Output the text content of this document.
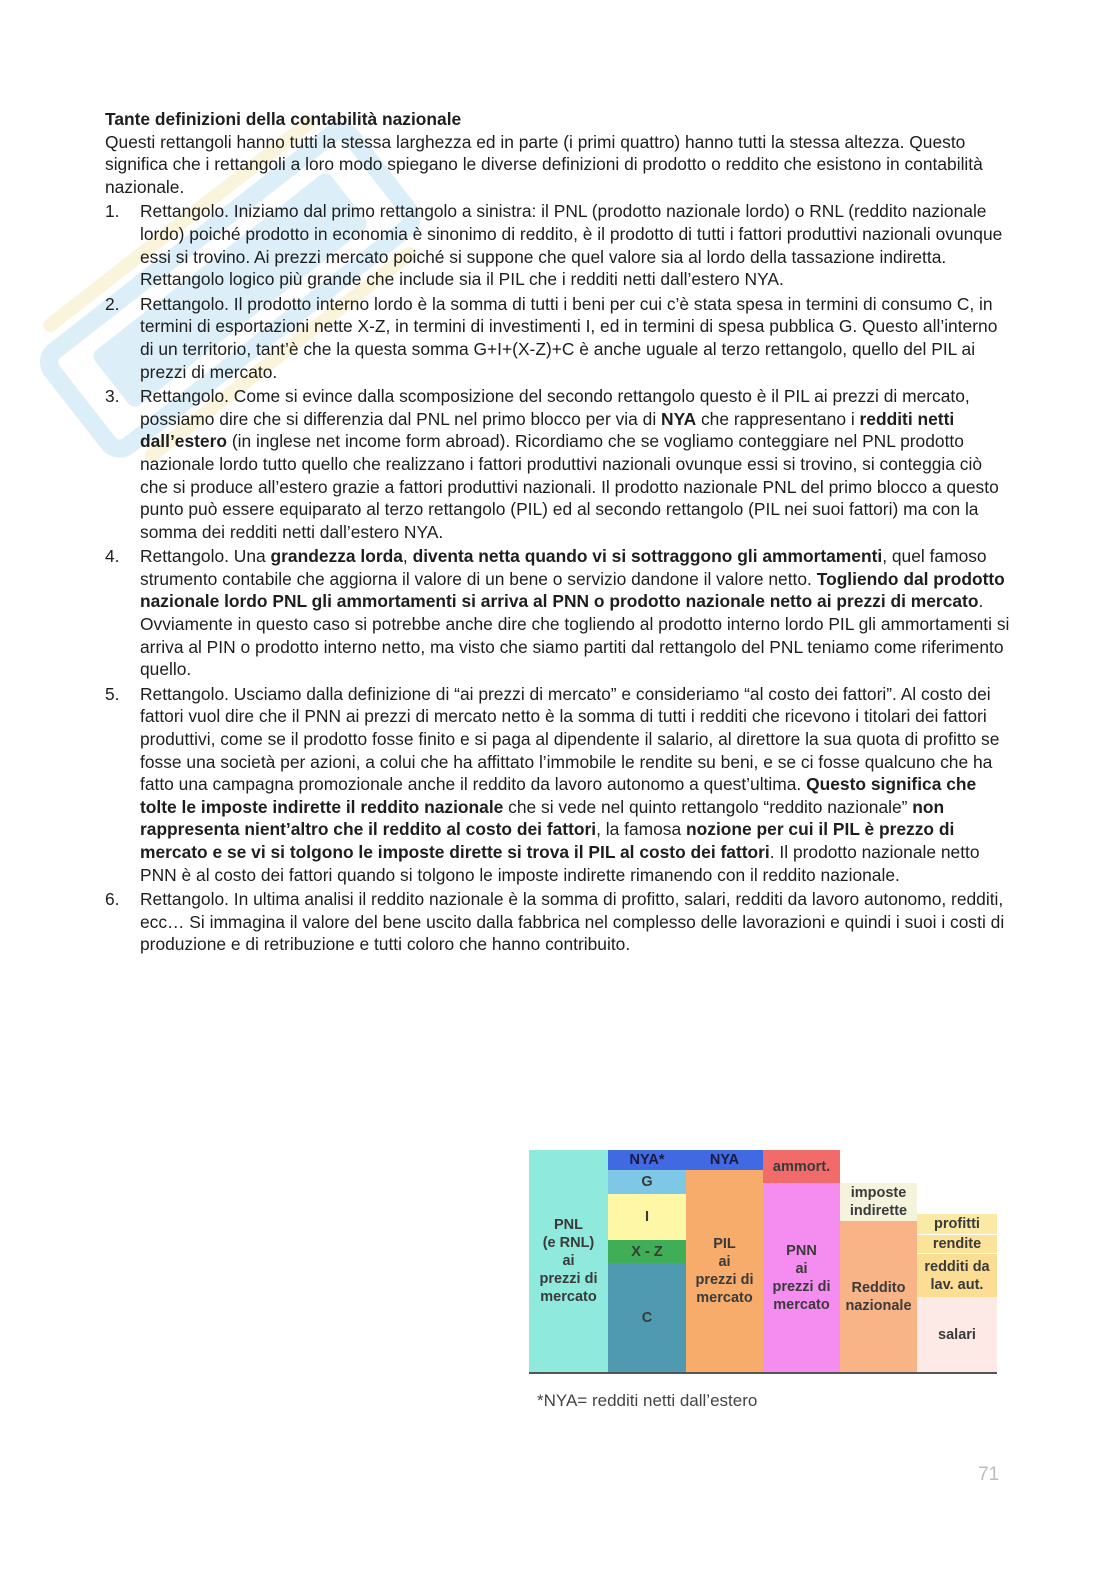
Tante definizioni della contabilità nazionale

Questi rettangoli hanno tutti la stessa larghezza ed in parte (i primi quattro) hanno tutti la stessa altezza. Questo significa che i rettangoli a loro modo spiegano le diverse definizioni di prodotto o reddito che esistono in contabilità nazionale.

1. Rettangolo. Iniziamo dal primo rettangolo a sinistra: il PNL (prodotto nazionale lordo) o RNL (reddito nazionale lordo) poiché prodotto in economia è sinonimo di reddito, è il prodotto di tutti i fattori produttivi nazionali ovunque essi si trovino. Ai prezzi mercato poiché si suppone che quel valore sia al lordo della tassazione indiretta. Rettangolo logico più grande che include sia il PIL che i redditi netti dall’estero NYA.
2. Rettangolo. Il prodotto interno lordo è la somma di tutti i beni per cui c’è stata spesa in termini di consumo C, in termini di esportazioni nette X-Z, in termini di investimenti I, ed in termini di spesa pubblica G. Questo all’interno di un territorio, tant’è che la questa somma G+I+(X-Z)+C è anche uguale al terzo rettangolo, quello del PIL ai prezzi di mercato.
3. Rettangolo. Come si evince dalla scomposizione del secondo rettangolo questo è il PIL ai prezzi di mercato, possiamo dire che si differenzia dal PNL nel primo blocco per via di NYA che rappresentano i redditi netti dall’estero (in inglese net income form abroad). Ricordiamo che se vogliamo conteggiare nel PNL prodotto nazionale lordo tutto quello che realizzano i fattori produttivi nazionali ovunque essi si trovino, si conteggia ciò che si produce all’estero grazie a fattori produttivi nazionali. Il prodotto nazionale PNL del primo blocco a questo punto può essere equiparato al terzo rettangolo (PIL) ed al secondo rettangolo (PIL nei suoi fattori) ma con la somma dei redditi netti dall’estero NYA.
4. Rettangolo. Una grandezza lorda, diventa netta quando vi si sottraggono gli ammortamenti, quel famoso strumento contabile che aggiorna il valore di un bene o servizio dandone il valore netto. Togliendo dal prodotto nazionale lordo PNL gli ammortamenti si arriva al PNN o prodotto nazionale netto ai prezzi di mercato. Ovviamente in questo caso si potrebbe anche dire che togliendo al prodotto interno lordo PIL gli ammortamenti si arriva al PIN o prodotto interno netto, ma visto che siamo partiti dal rettangolo del PNL teniamo come riferimento quello.
5. Rettangolo. Usciamo dalla definizione di “ai prezzi di mercato” e consideriamo “al costo dei fattori”. Al costo dei fattori vuol dire che il PNN ai prezzi di mercato netto è la somma di tutti i redditi che ricevono i titolari dei fattori produttivi, come se il prodotto fosse finito e si paga al dipendente il salario, al direttore la sua quota di profitto se fosse una società per azioni, a colui che ha affittato l’immobile le rendite su beni, e se ci fosse qualcuno che ha fatto una campagna promozionale anche il reddito da lavoro autonomo a quest’ultima. Questo significa che tolte le imposte indirette il reddito nazionale che si vede nel quinto rettangolo “reddito nazionale” non rappresenta nient’altro che il reddito al costo dei fattori, la famosa nozione per cui il PIL è prezzo di mercato e se vi si tolgono le imposte dirette si trova il PIL al costo dei fattori. Il prodotto nazionale netto PNN è al costo dei fattori quando si tolgono le imposte indirette rimanendo con il reddito nazionale.
6. Rettangolo. In ultima analisi il reddito nazionale è la somma di profitto, salari, redditi da lavoro autonomo, redditi, ecc… Si immagina il valore del bene uscito dalla fabbrica nel complesso delle lavorazioni e quindi i suoi i costi di produzione e di retribuzione e tutti coloro che hanno contribuito.
PNL
(e RNL)
ai
prezzi di
mercato
NYA*
G
I
X - Z
C
NYA
PIL
ai
prezzi di
mercato
ammort.
PNN
ai
prezzi di
mercato
imposte
indirette
Reddito
nazionale
profitti
rendite
redditi da
lav. aut.
salari
*NYA= redditi netti dall’estero
71
